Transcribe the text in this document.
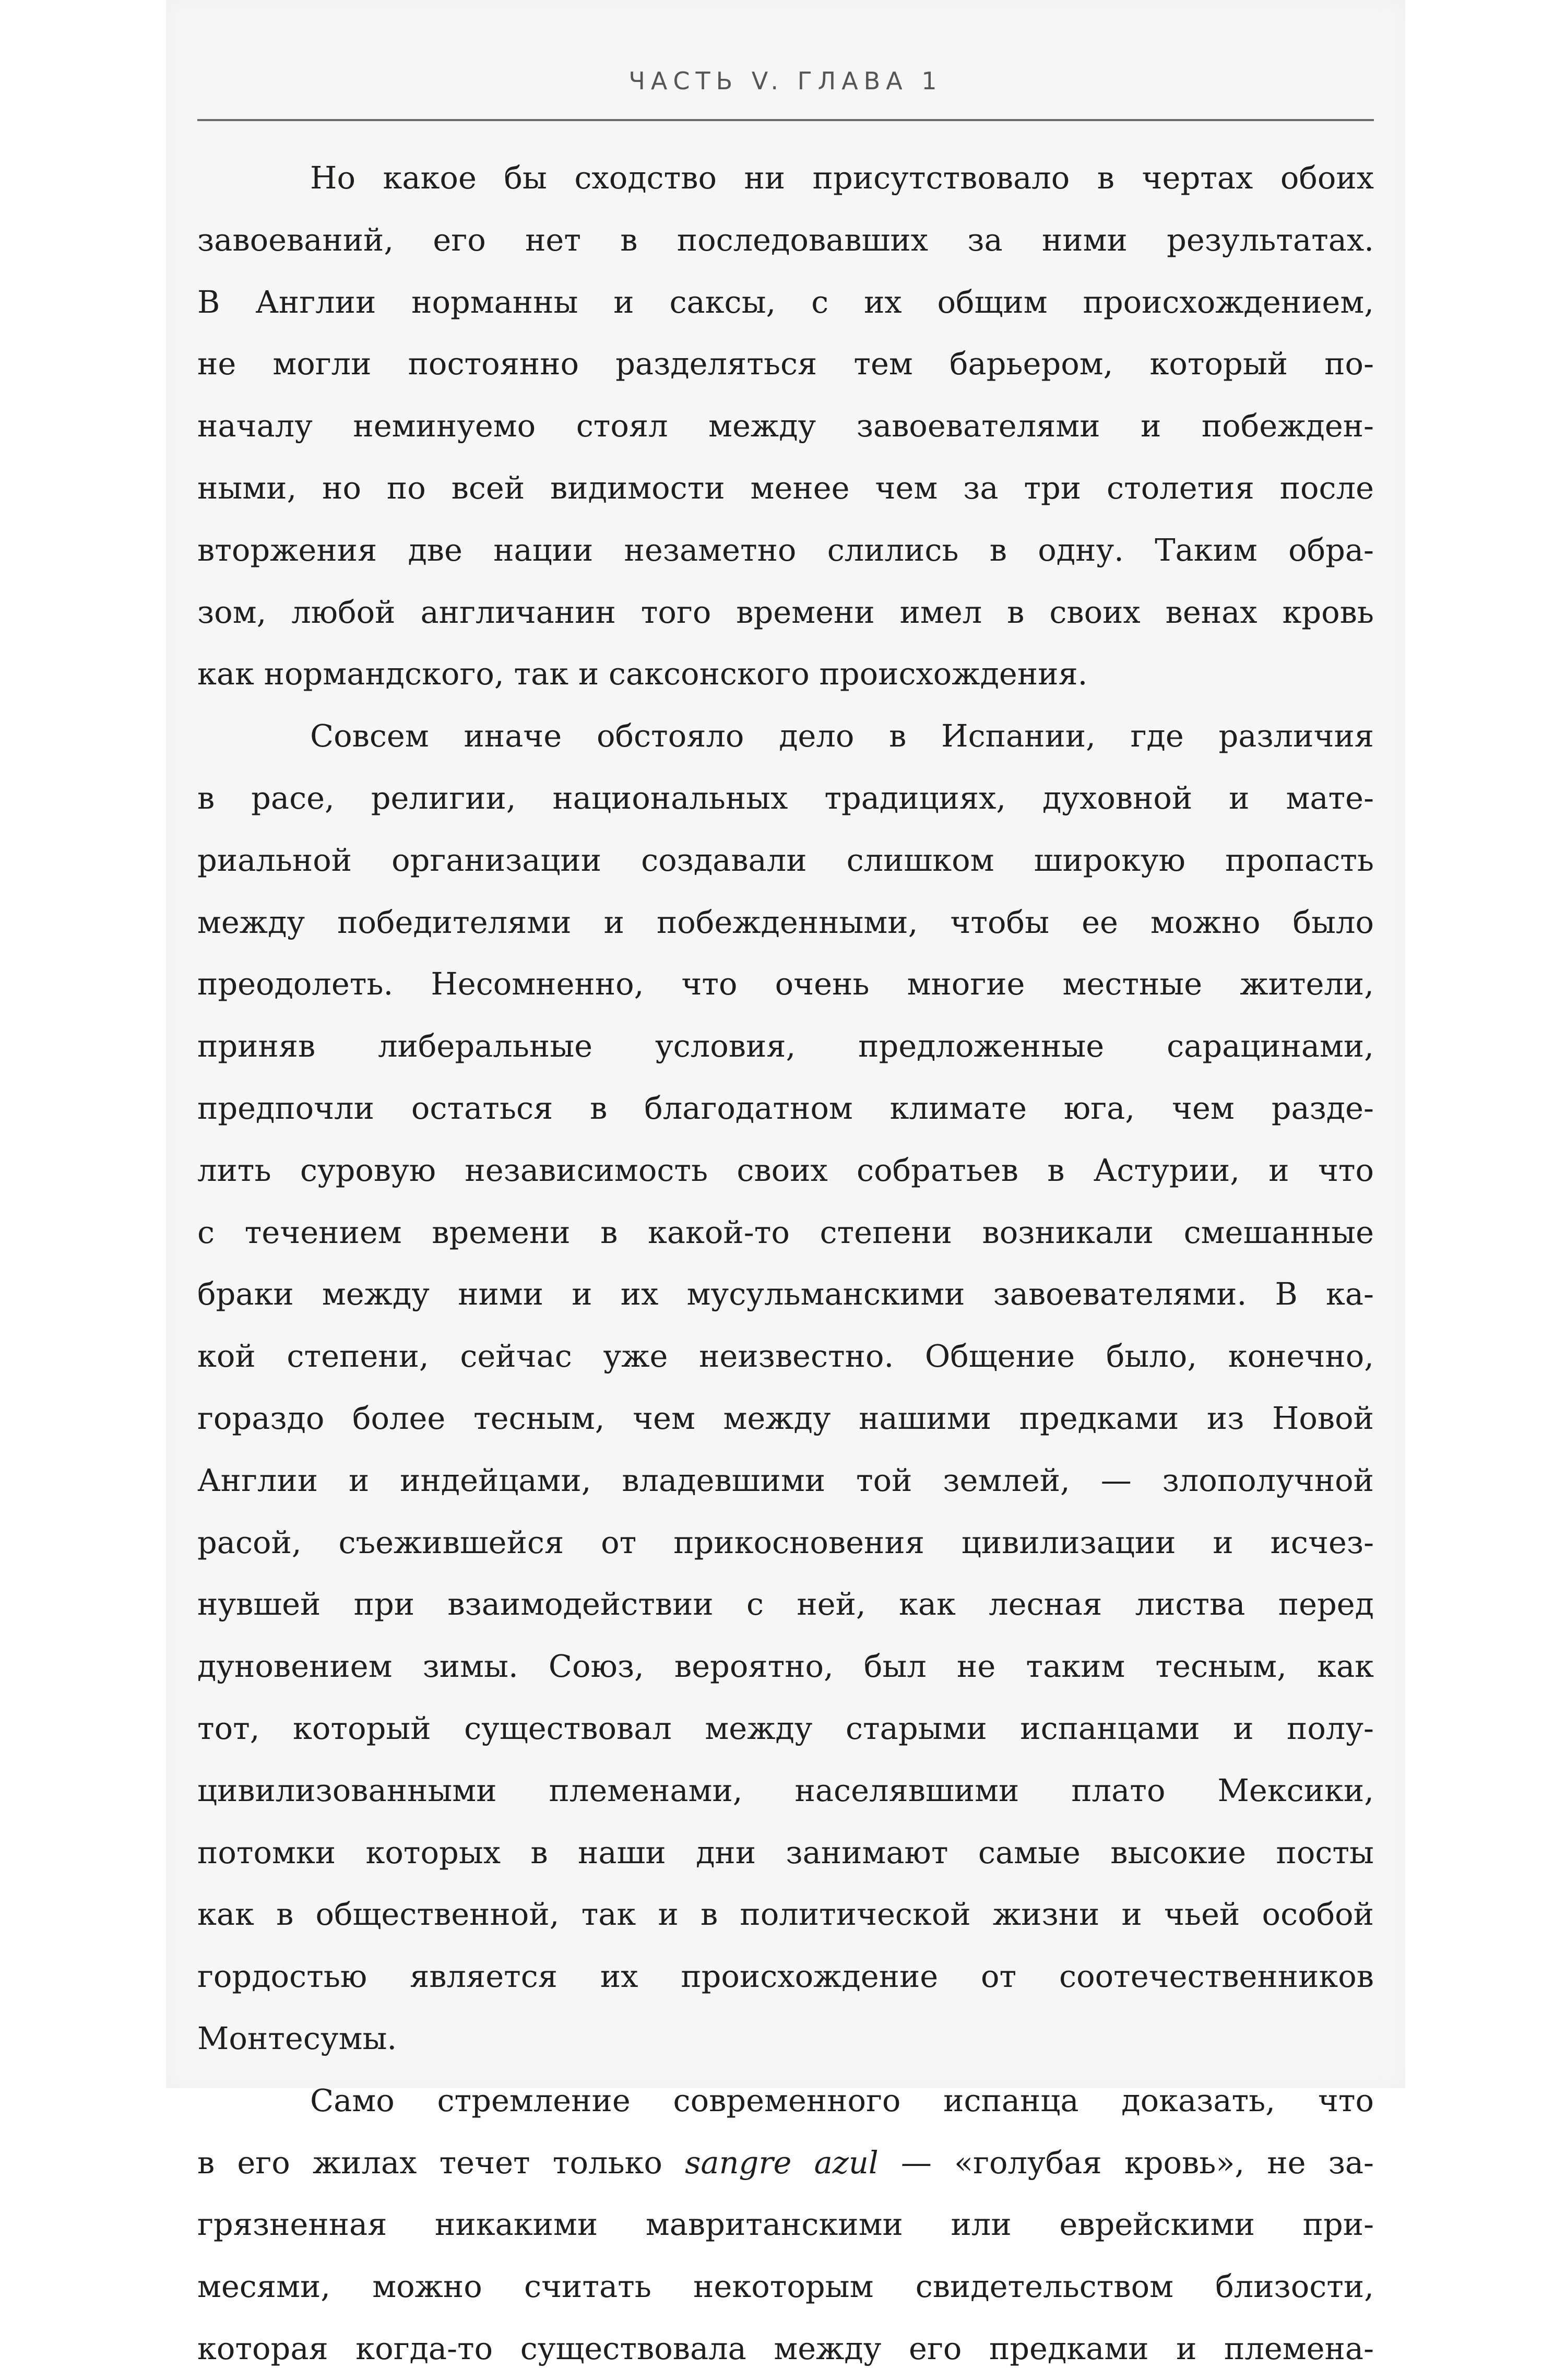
ЧАСТЬ V. ГЛАВА 1
Но какое бы сходство ни присутствовало в чертах обоих
завоеваний, его нет в последовавших за ними результатах.
В Англии норманны и саксы, с их общим происхождением,
не могли постоянно разделяться тем барьером, который по-
началу неминуемо стоял между завоевателями и побежден-
ными, но по всей видимости менее чем за три столетия после
вторжения две нации незаметно слились в одну. Таким обра-
зом, любой англичанин того времени имел в своих венах кровь
как нормандского, так и саксонского происхождения.
Совсем иначе обстояло дело в Испании, где различия
в расе, религии, национальных традициях, духовной и мате-
риальной организации создавали слишком широкую пропасть
между победителями и побежденными, чтобы ее можно было
преодолеть. Несомненно, что очень многие местные жители,
приняв либеральные условия, предложенные сарацинами,
предпочли остаться в благодатном климате юга, чем разде-
лить суровую независимость своих собратьев в Астурии, и что
с течением времени в какой-то степени возникали смешанные
браки между ними и их мусульманскими завоевателями. В ка-
кой степени, сейчас уже неизвестно. Общение было, конечно,
гораздо более тесным, чем между нашими предками из Новой
Англии и индейцами, владевшими той землей, — злополучной
расой, съежившейся от прикосновения цивилизации и исчез-
нувшей при взаимодействии с ней, как лесная листва перед
дуновением зимы. Союз, вероятно, был не таким тесным, как
тот, который существовал между старыми испанцами и полу-
цивилизованными племенами, населявшими плато Мексики,
потомки которых в наши дни занимают самые высокие посты
как в общественной, так и в политической жизни и чьей особой
гордостью является их происхождение от соотечественников
Монтесумы.
Само стремление современного испанца доказать, что
в его жилах течет только sangre azul — «голубая кровь», не за-
грязненная никакими мавританскими или еврейскими при-
месями, можно считать некоторым свидетельством близости,
которая когда-то существовала между его предками и племена-
